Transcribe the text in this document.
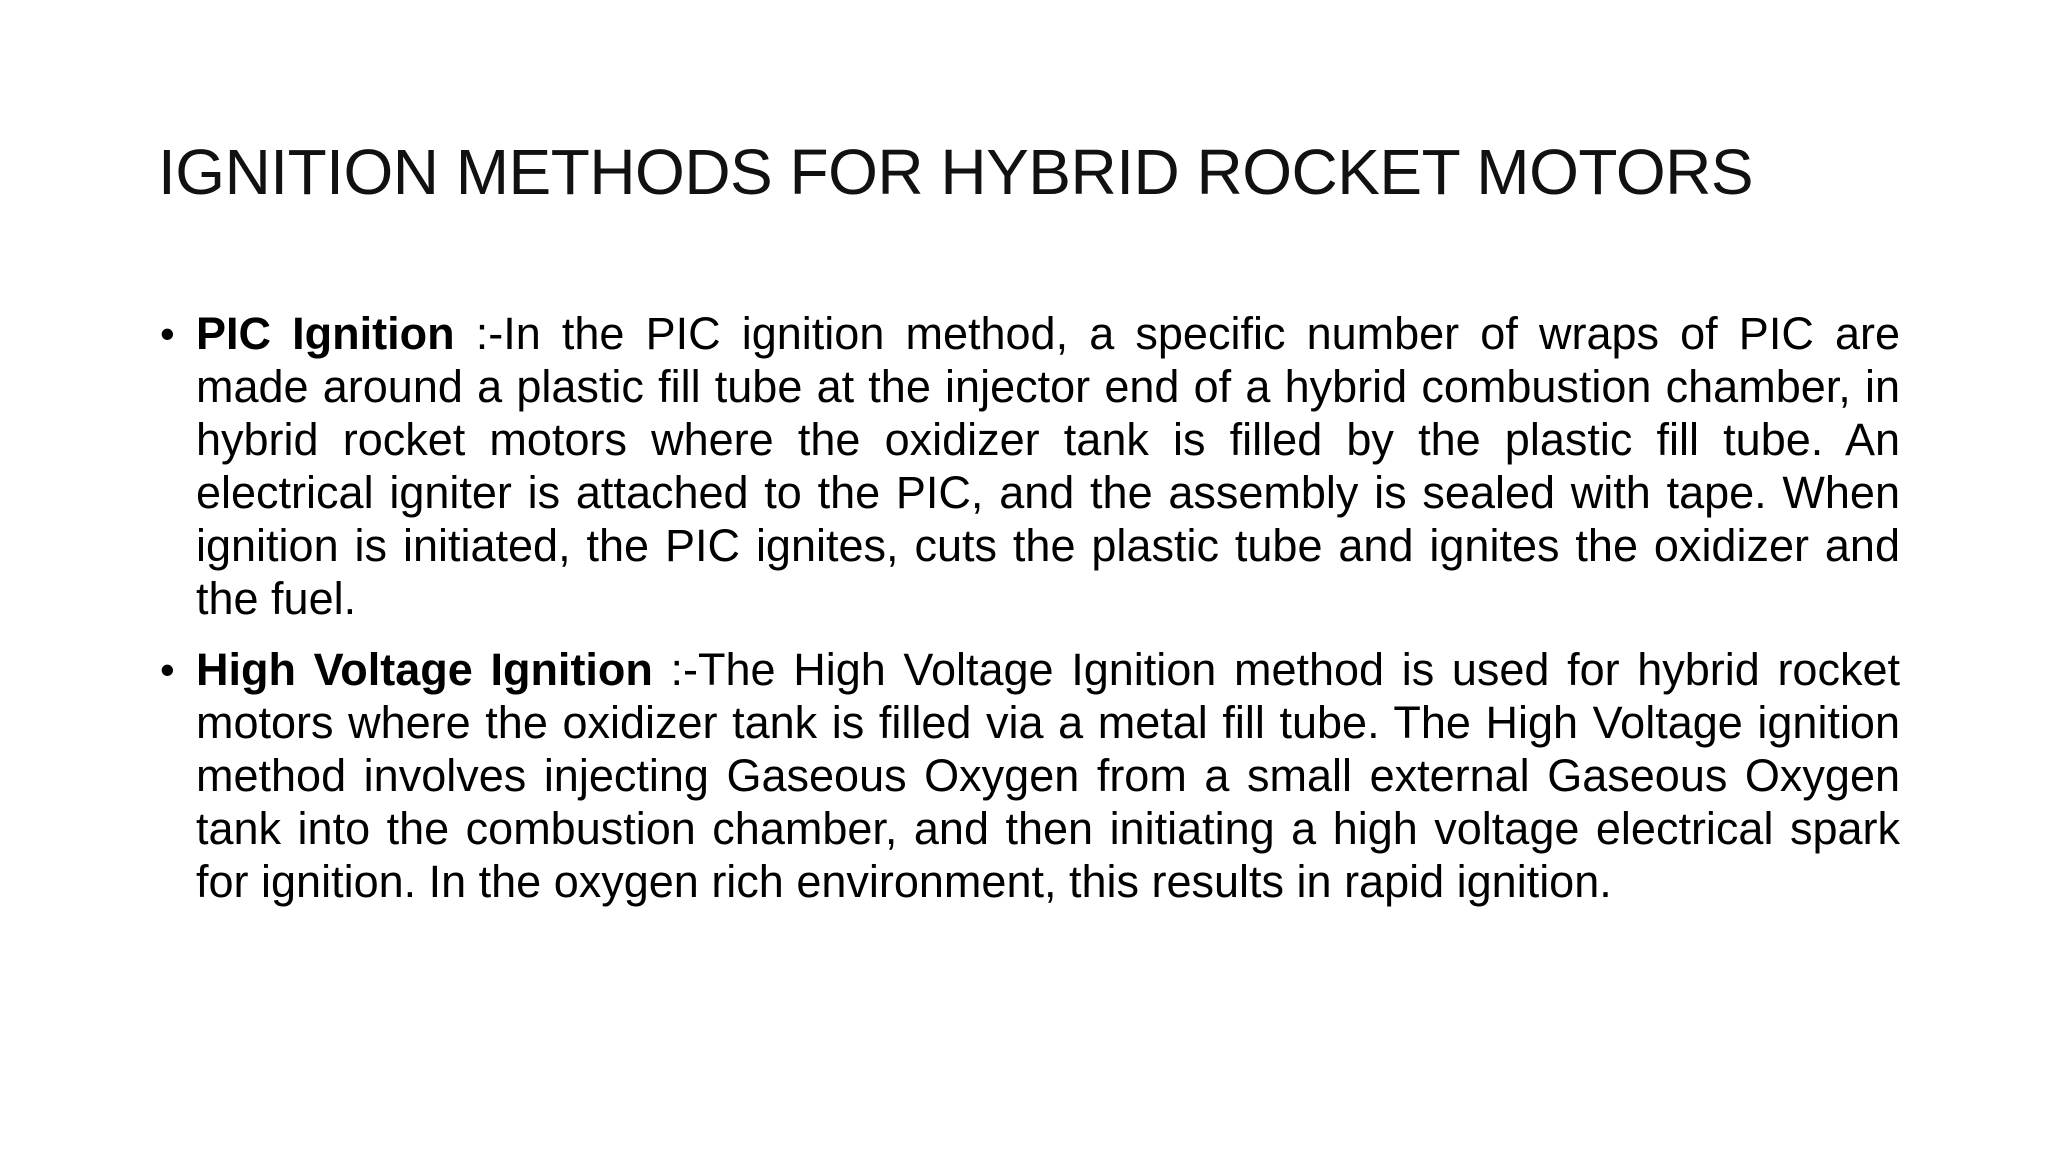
IGNITION METHODS FOR HYBRID ROCKET MOTORS
• PIC Ignition :-In the PIC ignition method, a specific number of wraps of PIC are made around a plastic fill tube at the injector end of a hybrid combustion chamber, in hybrid rocket motors where the oxidizer tank is filled by the plastic fill tube. An electrical igniter is attached to the PIC, and the assembly is sealed with tape. When ignition is initiated, the PIC ignites, cuts the plastic tube and ignites the oxidizer and the fuel.
• High Voltage Ignition :-The High Voltage Ignition method is used for hybrid rocket motors where the oxidizer tank is filled via a metal fill tube. The High Voltage ignition method involves injecting Gaseous Oxygen from a small external Gaseous Oxygen tank into the combustion chamber, and then initiating a high voltage electrical spark for ignition. In the oxygen rich environment, this results in rapid ignition.
